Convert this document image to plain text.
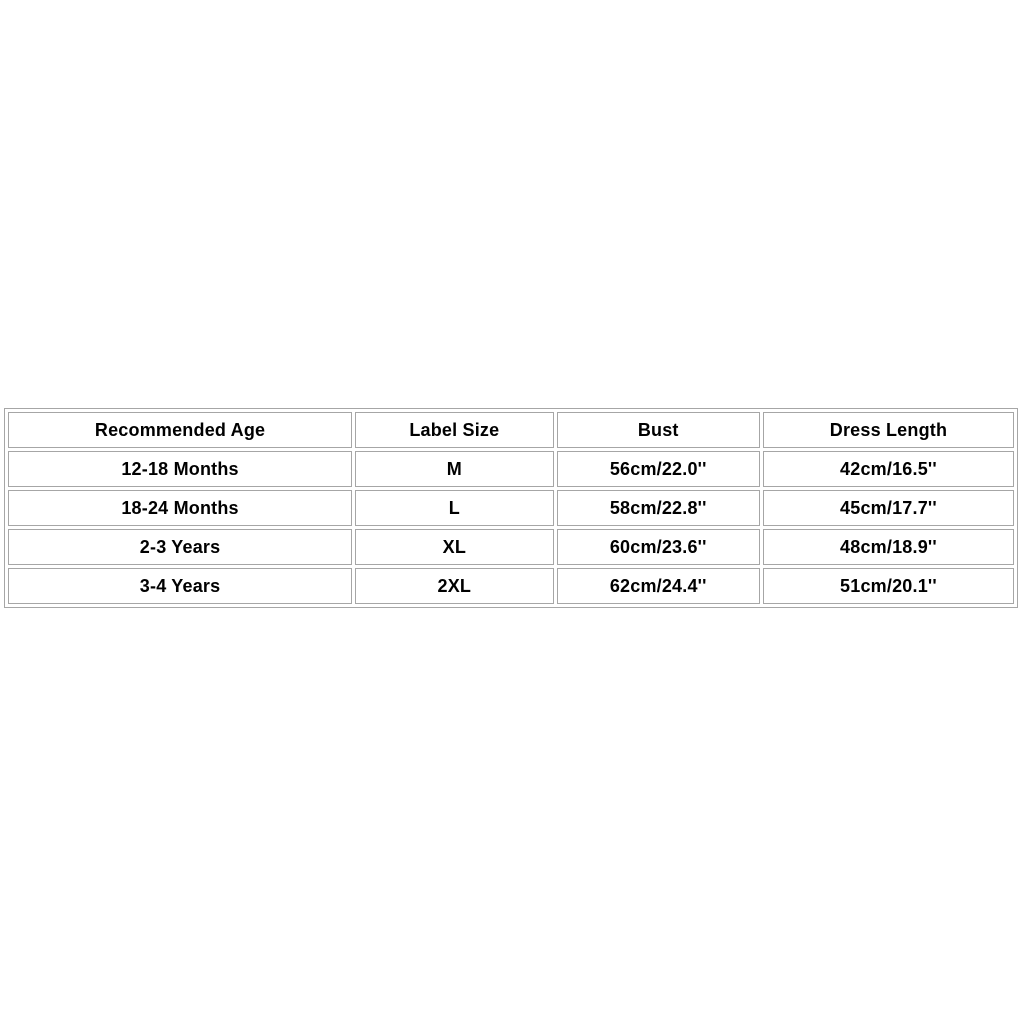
Recommended Age	Label Size	Bust	Dress Length
12-18 Months	M	56cm/22.0''	42cm/16.5''
18-24 Months	L	58cm/22.8''	45cm/17.7''
2-3 Years	XL	60cm/23.6''	48cm/18.9''
3-4 Years	2XL	62cm/24.4''	51cm/20.1''
